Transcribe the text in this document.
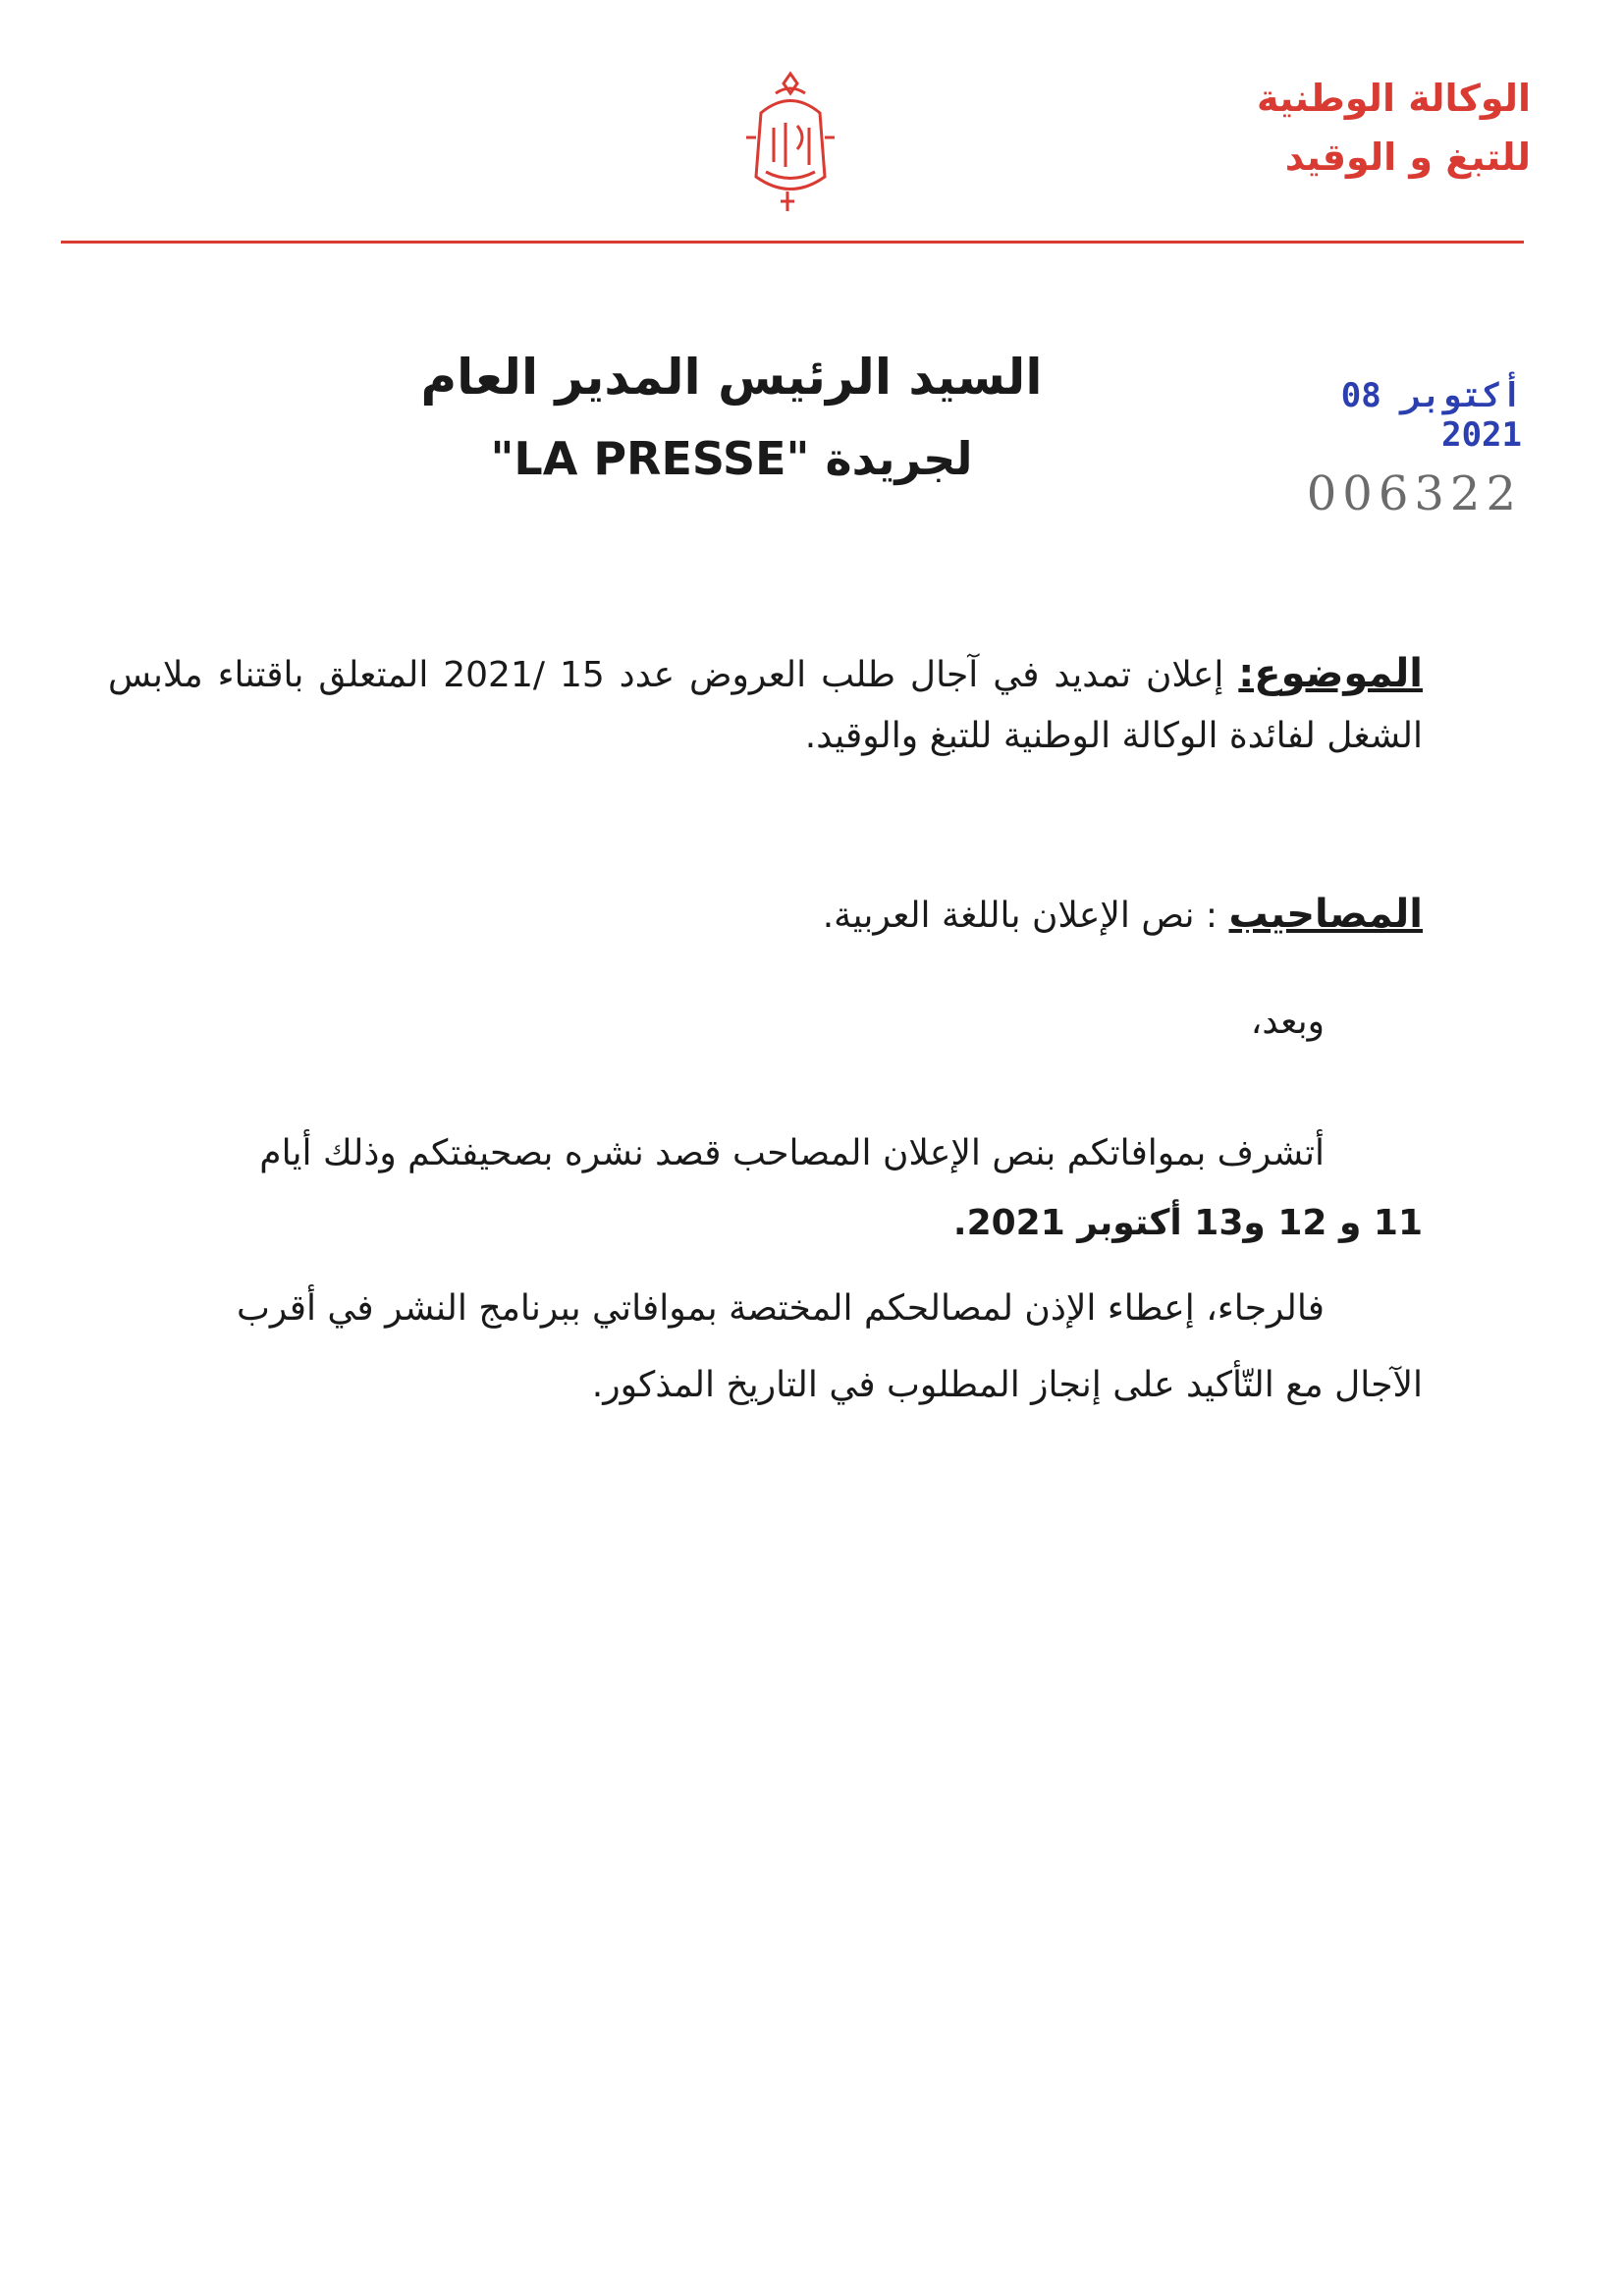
الوكالة الوطنية
للتبغ و الوقيد
08 أكتوبر 2021
006322
السيد الرئيس المدير العام
لجريدة "LA PRESSE"
الموضوع: إعلان تمديد في آجال طلب العروض عدد 15 /2021 المتعلق باقتناء ملابس الشغل لفائدة الوكالة الوطنية للتبغ والوقيد.
المصاحيب : نص الإعلان باللغة العربية.
وبعد،
أتشرف بموافاتكم بنص الإعلان المصاحب قصد نشره بصحيفتكم وذلك أيام
11 و 12 و13 أكتوبر 2021.
فالرجاء، إعطاء الإذن لمصالحكم المختصة بموافاتي ببرنامج النشر في أقرب
الآجال مع التّأكيد على إنجاز المطلوب في التاريخ المذكور.
